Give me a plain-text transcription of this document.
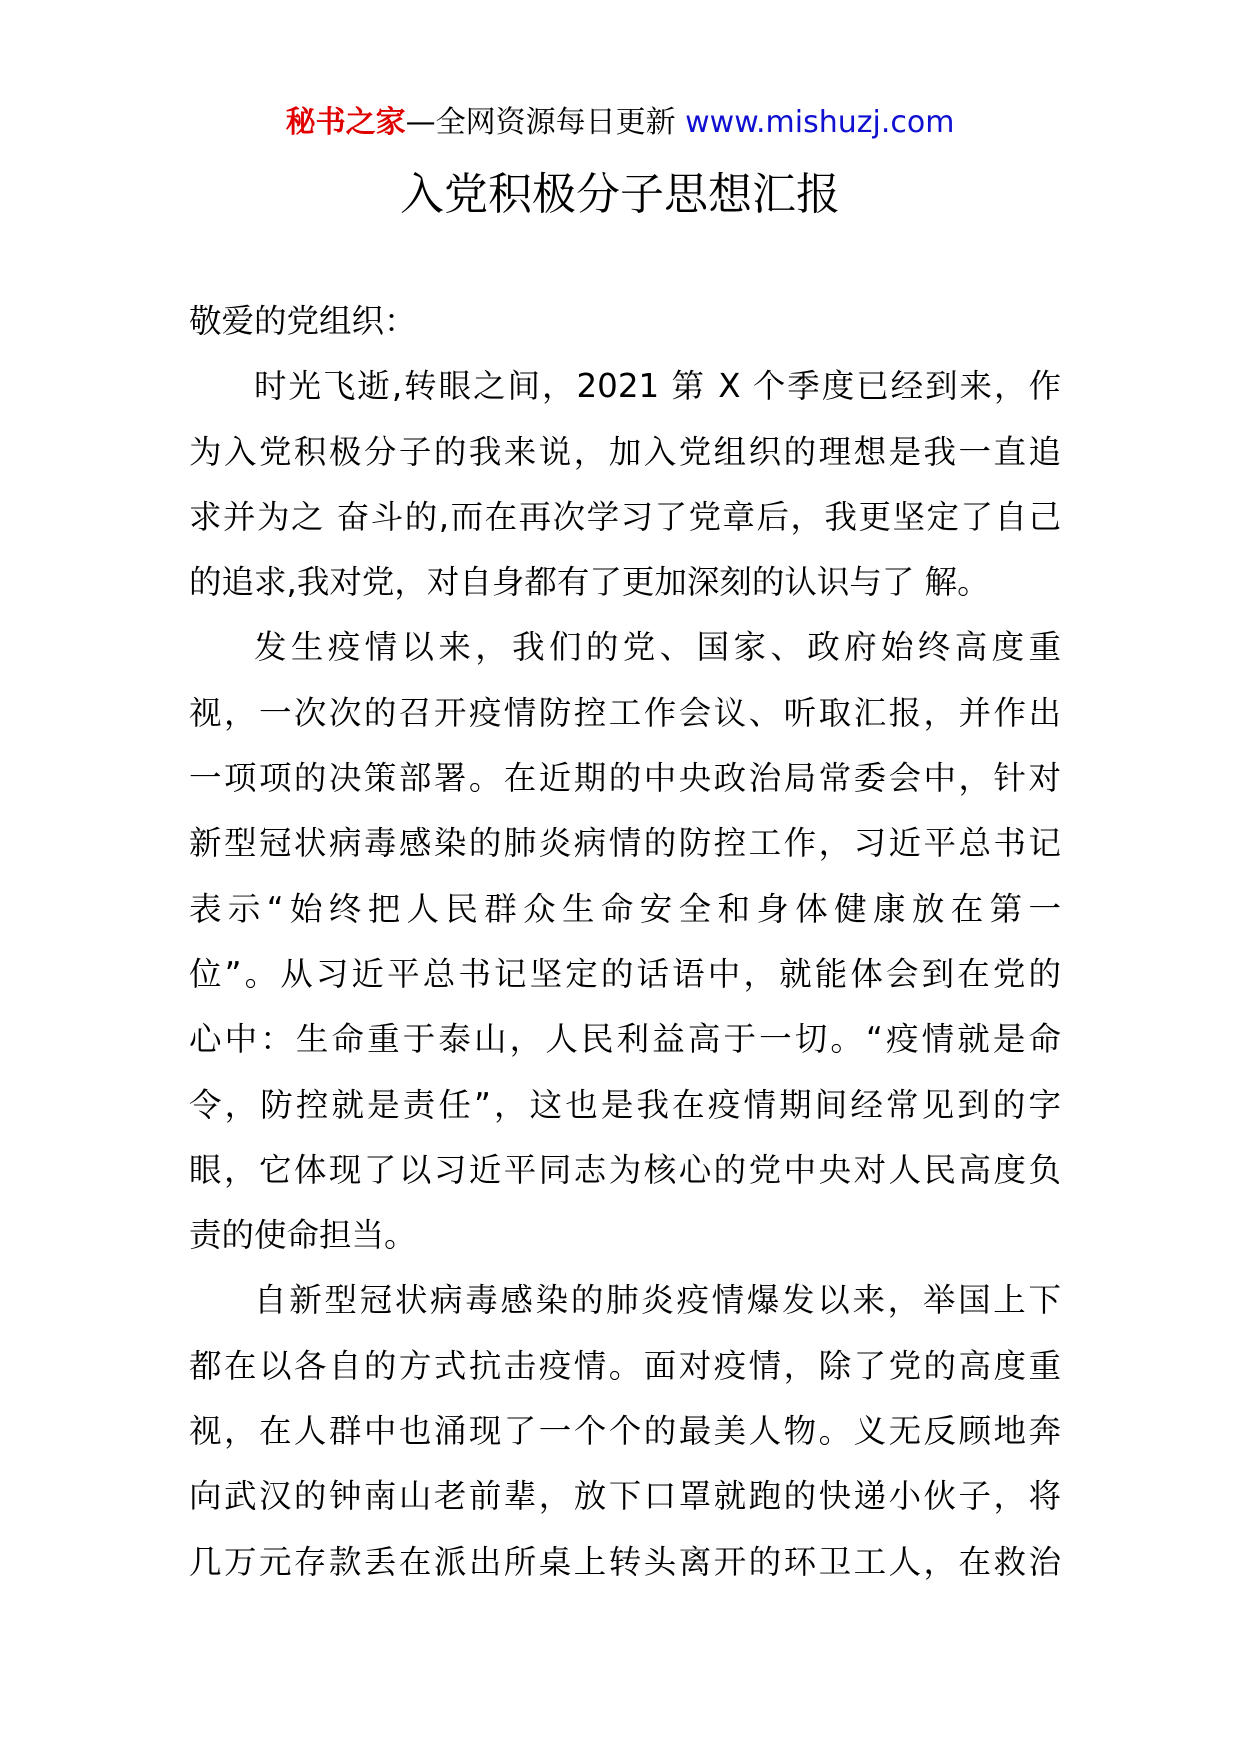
秘书之家—全网资源每日更新 www.mishuzj.com
入党积极分子思想汇报

敬爱的党组织：

时光飞逝,转眼之间，2021 第 X 个季度已经到来，作

为入党积极分子的我来说，加入党组织的理想是我一直追

求并为之 奋斗的,而在再次学习了党章后，我更坚定了自己

的追求,我对党，对自身都有了更加深刻的认识与了 解。

发生疫情以来，我们的党、国家、政府始终高度重

视，一次次的召开疫情防控工作会议、听取汇报，并作出

一项项的决策部署。在近期的中央政治局常委会中，针对

新型冠状病毒感染的肺炎病情的防控工作，习近平总书记

表示“始终把人民群众生命安全和身体健康放在第一

位”。从习近平总书记坚定的话语中，就能体会到在党的

心中：生命重于泰山，人民利益高于一切。“疫情就是命

令，防控就是责任”，这也是我在疫情期间经常见到的字

眼，它体现了以习近平同志为核心的党中央对人民高度负

责的使命担当。

自新型冠状病毒感染的肺炎疫情爆发以来，举国上下

都在以各自的方式抗击疫情。面对疫情，除了党的高度重

视，在人群中也涌现了一个个的最美人物。义无反顾地奔

向武汉的钟南山老前辈，放下口罩就跑的快递小伙子，将

几万元存款丢在派出所桌上转头离开的环卫工人，在救治
